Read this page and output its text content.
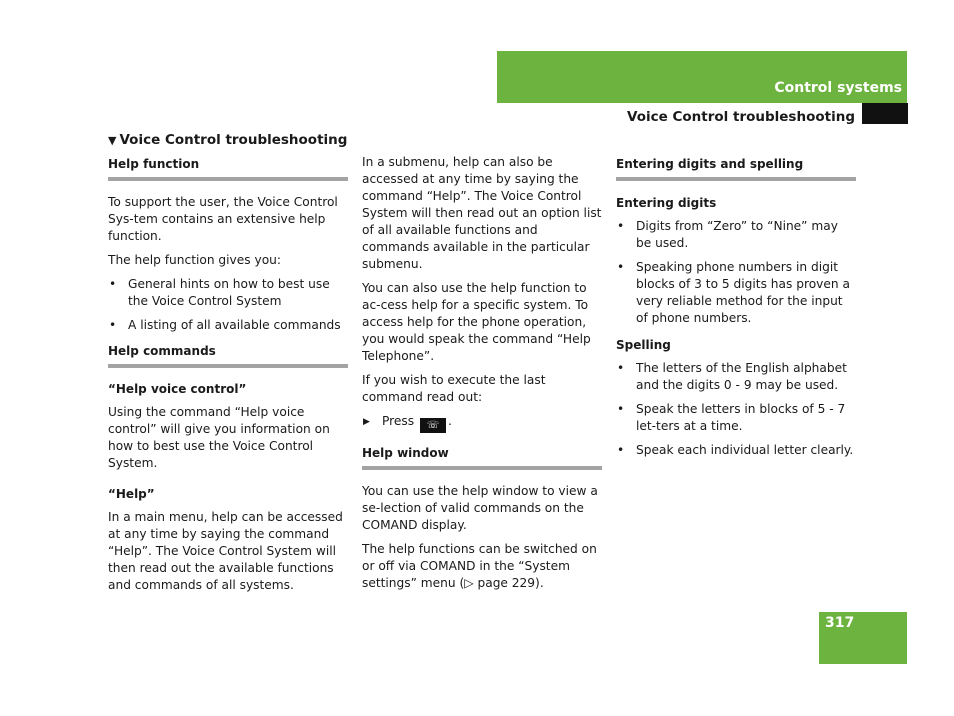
Control systems
Voice Control troubleshooting
▼ Voice Control troubleshooting
Help function

To support the user, the Voice Control Sys-tem contains an extensive help function.

The help function gives you:

• General hints on how to best use the Voice Control System
• A listing of all available commands
Help commands
“Help voice control”

Using the command “Help voice control” will give you information on how to best use the Voice Control System.

“Help”

In a main menu, help can be accessed at any time by saying the command “Help”. The Voice Control System will then read out the available functions and commands of all systems.

In a submenu, help can also be accessed at any time by saying the command “Help”. The Voice Control System will then read out an option list of all available functions and commands available in the particular submenu.

You can also use the help function to ac-cess help for a specific system. To access help for the phone operation, you would speak the command “Help Telephone”.

If you wish to execute the last command read out:

▶ Press ☏ .
Help window

You can use the help window to view a se-lection of valid commands on the COMAND display.

The help functions can be switched on or off via COMAND in the “System settings” menu (▷ page 229).

Entering digits and spelling
Entering digits
• Digits from “Zero” to “Nine” may be used.
• Speaking phone numbers in digit blocks of 3 to 5 digits has proven a very reliable method for the input of phone numbers.
Spelling
• The letters of the English alphabet and the digits 0 - 9 may be used.
• Speak the letters in blocks of 5 - 7 let-ters at a time.
• Speak each individual letter clearly.
317
